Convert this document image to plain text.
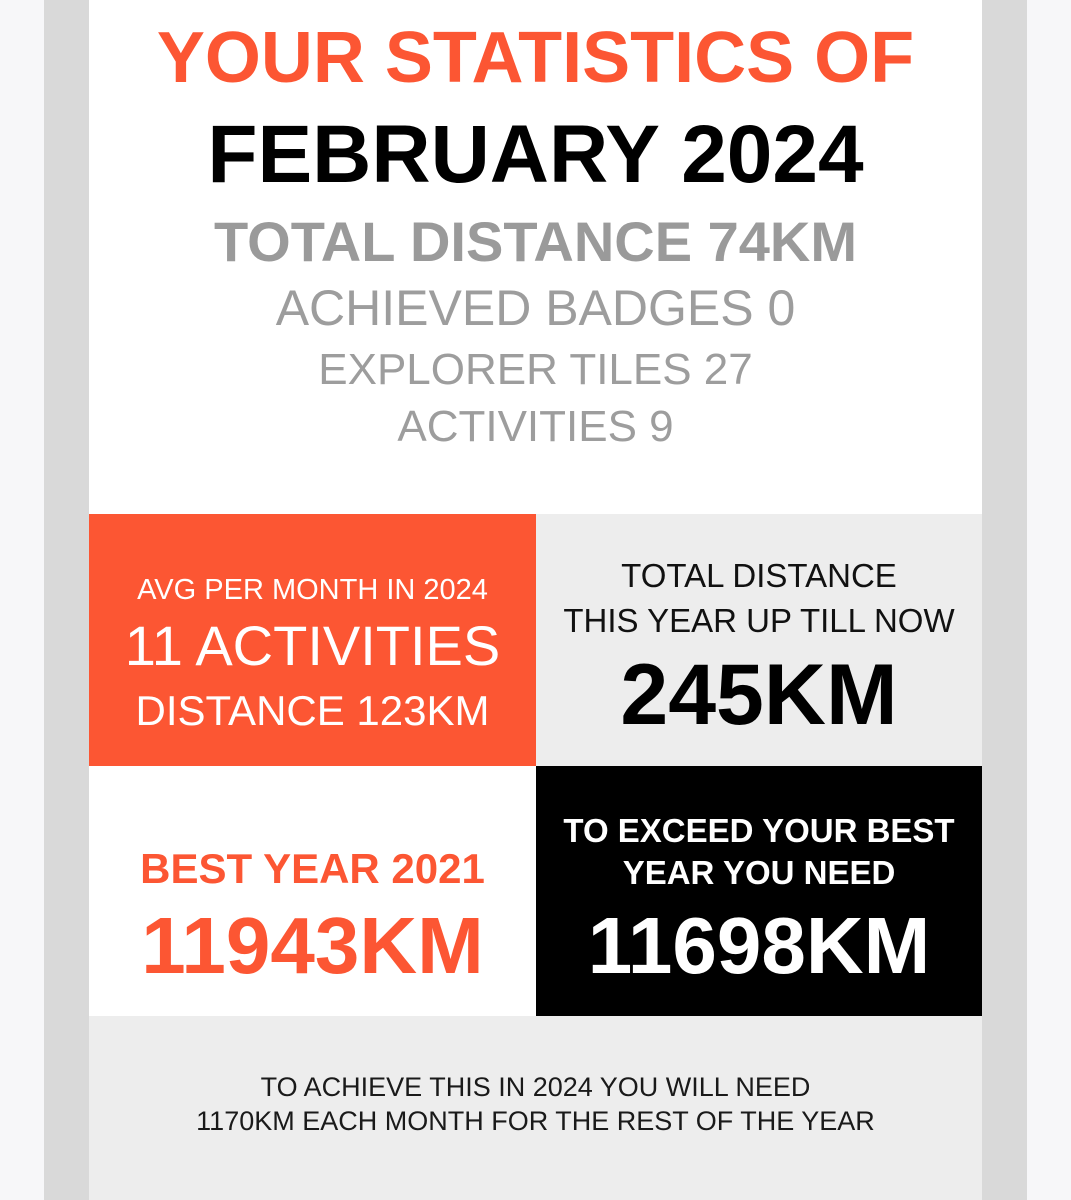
YOUR STATISTICS OF
FEBRUARY 2024
TOTAL DISTANCE 74KM
ACHIEVED BADGES 0
EXPLORER TILES 27
ACTIVITIES 9
AVG PER MONTH IN 2024
11 ACTIVITIES
DISTANCE 123KM
TOTAL DISTANCE
THIS YEAR UP TILL NOW
245KM
BEST YEAR 2021
11943KM
TO EXCEED YOUR BEST
YEAR YOU NEED
11698KM
TO ACHIEVE THIS IN 2024 YOU WILL NEED
1170KM EACH MONTH FOR THE REST OF THE YEAR
